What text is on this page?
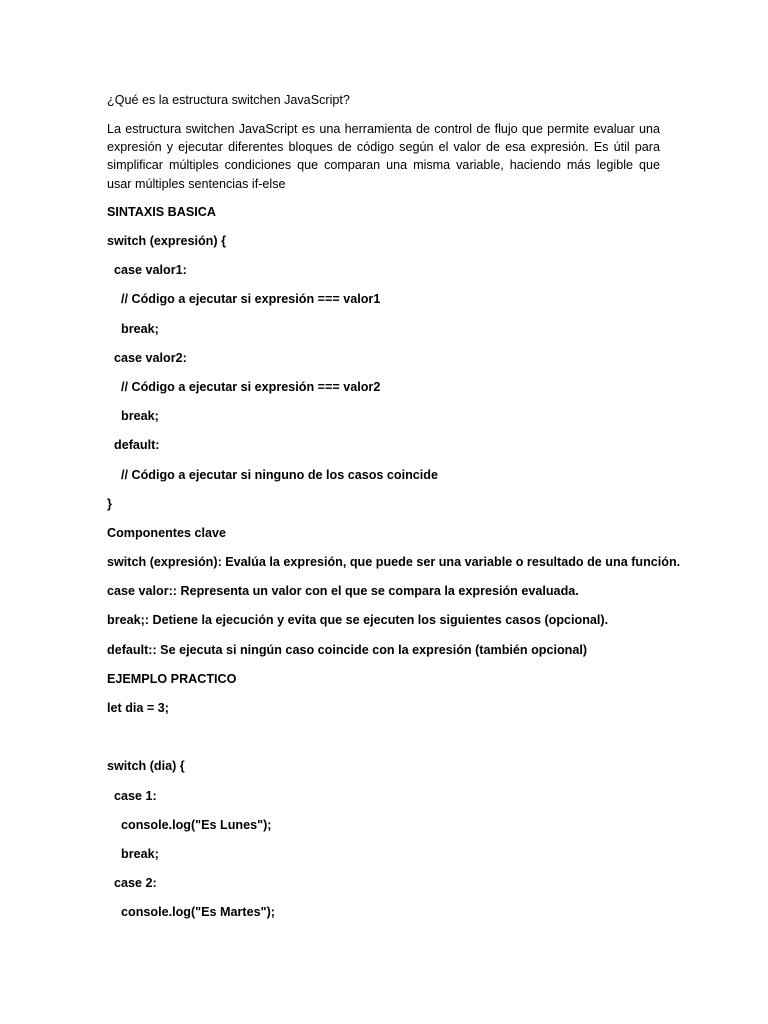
¿Qué es la estructura switchen JavaScript?

La estructura switchen JavaScript es una herramienta de control de flujo que permite evaluar una expresión y ejecutar diferentes bloques de código según el valor de esa expresión. Es útil para simplificar múltiples condiciones que comparan una misma variable, haciendo más legible que usar múltiples sentencias if-else

SINTAXIS BASICA
switch (expresión) {
case valor1:
// Código a ejecutar si expresión === valor1
break;
case valor2:
// Código a ejecutar si expresión === valor2
break;
default:
// Código a ejecutar si ninguno de los casos coincide
}
Componentes clave
switch (expresión): Evalúa la expresión, que puede ser una variable o resultado de una función.
case valor:: Representa un valor con el que se compara la expresión evaluada.
break;: Detiene la ejecución y evita que se ejecuten los siguientes casos (opcional).
default:: Se ejecuta si ningún caso coincide con la expresión (también opcional)
EJEMPLO PRACTICO
let dia = 3;
switch (dia) {
case 1:
console.log("Es Lunes");
break;
case 2:
console.log("Es Martes");
